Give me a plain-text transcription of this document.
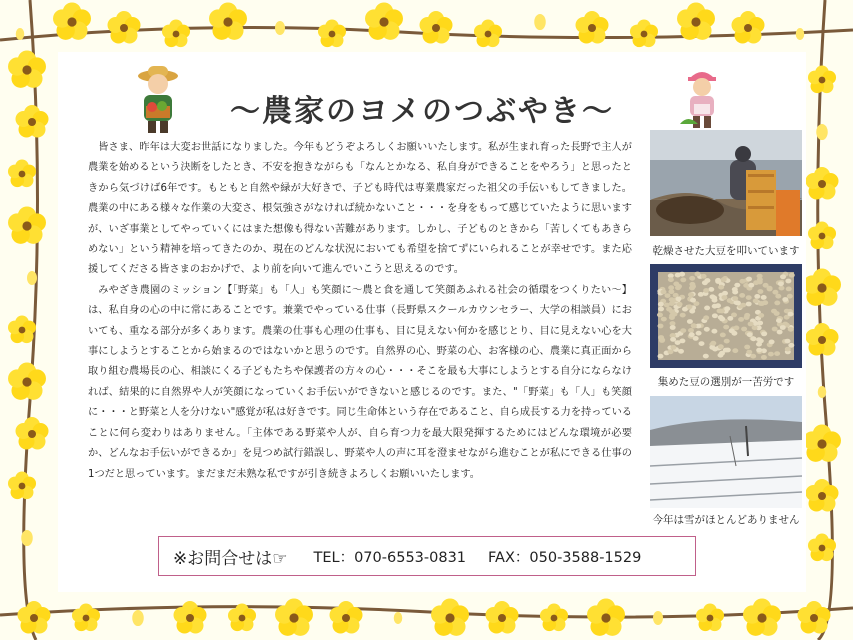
～農家のヨメのつぶやき～

皆さま、昨年は大変お世話になりました。今年もどうぞよろしくお願いいたします。私が生まれ育った長野で主人が農業を始めるという決断をしたとき、不安を抱きながらも「なんとかなる、私自身ができることをやろう」と思ったときから気づけば6年です。もともと自然や緑が大好きで、子ども時代は専業農家だった祖父の手伝いもしてきました。農業の中にある様々な作業の大変さ、根気強さがなければ続かないこと・・・を身をもって感じていたように思いますが、いざ事業としてやっていくにはまた想像も得ない苦難があります。しかし、子どものときから「苦しくてもあきらめない」という精神を培ってきたのか、現在のどんな状況においても希望を捨てずにいられることが幸せです。また応援してくださる皆さまのおかげで、より前を向いて進んでいこうと思えるのです。

みやざき農園のミッション【「野菜」も「人」も笑顔に～農と食を通して笑顔あふれる社会の循環をつくりたい～】は、私自身の心の中に常にあることです。兼業でやっている仕事（長野県スクールカウンセラー、大学の相談員）においても、重なる部分が多くあります。農業の仕事も心理の仕事も、目に見えない何かを感じとり、目に見えない心を大事にしようとすることから始まるのではないかと思うのです。自然界の心、野菜の心、お客様の心、農業に真正面から取り組む農場長の心、相談にくる子どもたちや保護者の方々の心・・・そこを最も大事にしようとする自分にならなければ、結果的に自然界や人が笑顔になっていくお手伝いができないと感じるのです。また、"「野菜」も「人」も笑顔に・・・と野菜と人を分けない"感覚が私は好きです。同じ生命体という存在であること、自ら成長する力を持っていることに何ら変わりはありません。「主体である野菜や人が、自ら育つ力を最大限発揮するためにはどんな環境が必要か、どんなお手伝いができるか」を見つめ試行錯誤し、野菜や人の声に耳を澄ませながら進むことが私にできる仕事の1つだと思っています。まだまだ未熟な私ですが引き続きよろしくお願いいたします。

乾燥させた大豆を叩いています
集めた豆の選別が一苦労です
今年は雪がほとんどありません
※お問合せは☞ TEL：070-6553-0831 FAX：050-3588-1529
